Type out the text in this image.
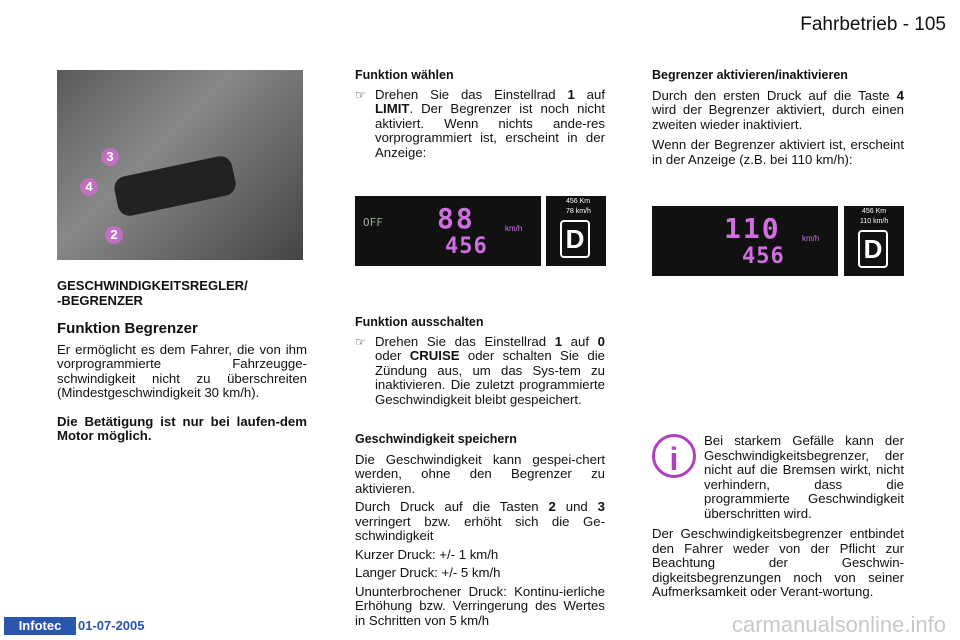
Fahrbetrieb - 105
3
4
2
GESCHWINDIGKEITSREGLER/
-BEGRENZER
Funktion Begrenzer

Er ermöglicht es dem Fahrer, die von ihm vorprogrammierte Fahrzeugge-schwindigkeit nicht zu überschreiten (Mindestgeschwindigkeit 30 km/h).

Die Betätigung ist nur bei laufen-dem Motor möglich.

Funktion wählen
☞ Drehen Sie das Einstellrad 1 auf LIMIT. Der Begrenzer ist noch nicht aktiviert. Wenn nichts ande-res vorprogrammiert ist, erscheint in der Anzeige:

OFF 88
456
km/h
456 Km
78 km/h
D
Funktion ausschalten
☞ Drehen Sie das Einstellrad 1 auf 0 oder CRUISE oder schalten Sie die Zündung aus, um das Sys-tem zu inaktivieren. Die zuletzt programmierte Geschwindigkeit bleibt gespeichert.

Geschwindigkeit speichern

Die Geschwindigkeit kann gespei-chert werden, ohne den Begrenzer zu aktivieren.

Durch Druck auf die Tasten 2 und 3 verringert bzw. erhöht sich die Ge-schwindigkeit

Kurzer Druck: +/- 1 km/h

Langer Druck: +/- 5 km/h

Ununterbrochener Druck: Kontinu-ierliche Erhöhung bzw. Verringerung des Wertes in Schritten von 5 km/h

Begrenzer aktivieren/inaktivieren

Durch den ersten Druck auf die Taste 4 wird der Begrenzer aktiviert, durch einen zweiten wieder inaktiviert.

Wenn der Begrenzer aktiviert ist, erscheint in der Anzeige (z.B. bei 110 km/h):

110
456
km/h
456 Km
110 km/h
D
i

Bei starkem Gefälle kann der Geschwindigkeitsbegrenzer, der nicht auf die Bremsen wirkt, nicht verhindern, dass die programmierte Geschwindigkeit überschritten wird.

Der Geschwindigkeitsbegrenzer entbindet den Fahrer weder von der Pflicht zur Beachtung der Geschwin-digkeitsbegrenzungen noch von seiner Aufmerksamkeit oder Verant-wortung.

Infotec	01-07-2005	carmanualsonline.info
